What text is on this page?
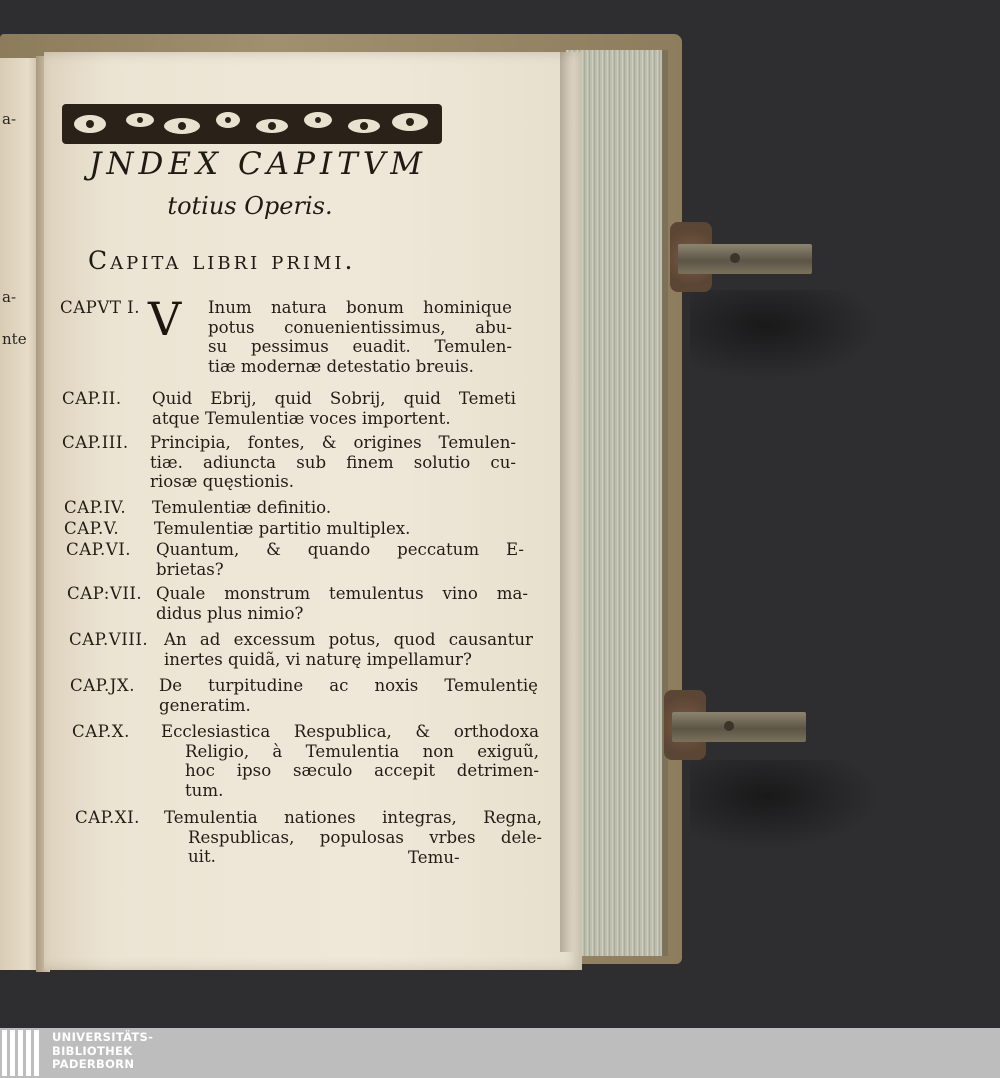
a-
a-
nte
JNDEX CAPITVM
totius Operis.
Capita libri primi.
CAPVT I. V Inum natura bonum hominique
potus conuenientissimus, abu-
su pessimus euadit. Temulen-
tiæ modernæ detestatio breuis.
CAP.II. Quid Ebrij, quid Sobrij, quid Temeti
atque Temulentiæ voces importent.
CAP.III. Principia, fontes, & origines Temulen-
tiæ. adiuncta sub finem solutio cu-
riosæ quęstionis.
CAP.IV. Temulentiæ definitio.
CAP.V. Temulentiæ partitio multiplex.
CAP.VI. Quantum, & quando peccatum E-
brietas?
CAP:VII. Quale monstrum temulentus vino ma-
didus plus nimio?
CAP.VIII. An ad excessum potus, quod causantur
inertes quidã, vi naturę impellamur?
CAP.JX. De turpitudine ac noxis Temulentię
generatim.
CAP.X. Ecclesiastica Respublica, & orthodoxa
Religio, à Temulentia non exiguũ,
hoc ipso sæculo accepit detrimen-
tum.
CAP.XI. Temulentia nationes integras, Regna,
Respublicas, populosas vrbes dele-
uit.	Temu-
UNIVERSITÄTS-
BIBLIOTHEK
PADERBORN
